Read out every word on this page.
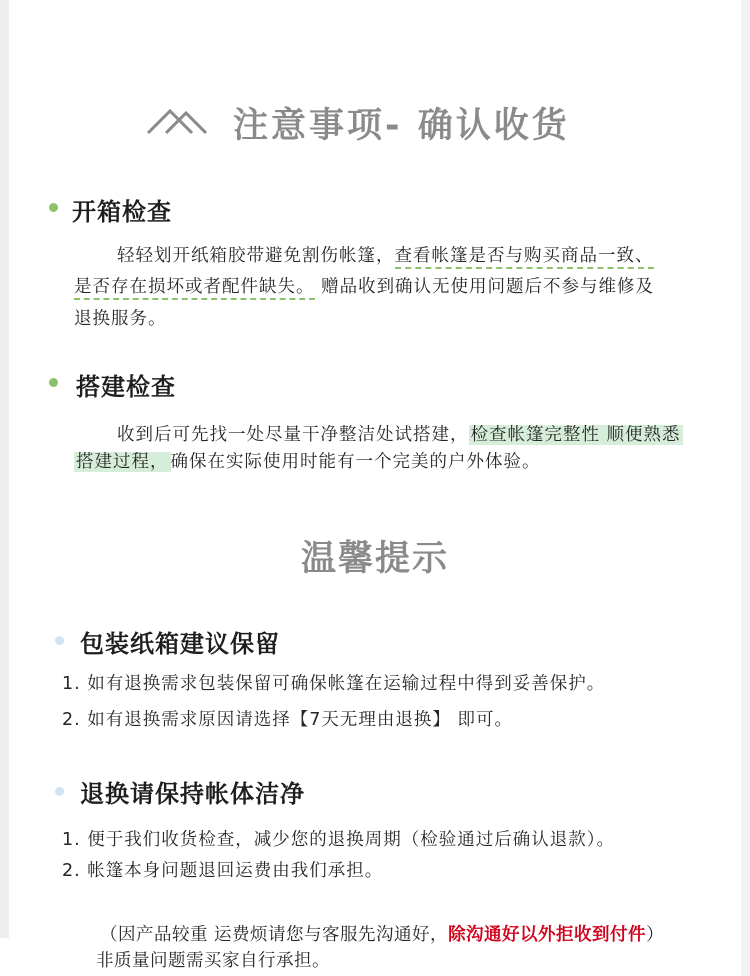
注意事项- 确认收货
开箱检查
轻轻划开纸箱胶带避免割伤帐篷，查看帐篷是否与购买商品一致、
是否存在损坏或者配件缺失。 赠品收到确认无使用问题后不参与维修及
退换服务。
搭建检查
收到后可先找一处尽量干净整洁处试搭建， 检查帐篷完整性 顺便熟悉
搭建过程， 确保在实际使用时能有一个完美的户外体验。
温馨提示
包装纸箱建议保留
1. 如有退换需求包装保留可确保帐篷在运输过程中得到妥善保护。
2. 如有退换需求原因请选择【7天无理由退换】 即可。
退换请保持帐体洁净
1. 便于我们收货检查，减少您的退换周期（检验通过后确认退款）。
2. 帐篷本身问题退回运费由我们承担。
（因产品较重 运费烦请您与客服先沟通好，除沟通好以外拒收到付件）
非质量问题需买家自行承担。
